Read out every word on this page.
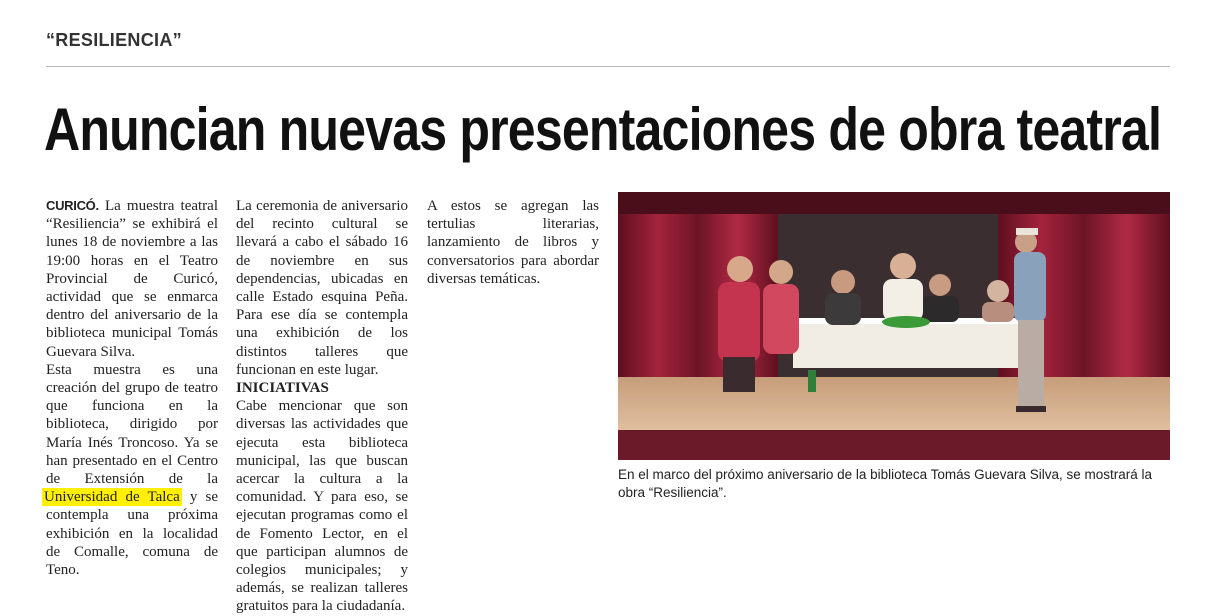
“RESILIENCIA”
Anuncian nuevas presentaciones de obra teatral

CURICÓ. La muestra teatral “Resiliencia” se exhibirá el lunes 18 de noviembre a las 19:00 horas en el Teatro Provincial de Curicó, actividad que se enmarca dentro del aniversario de la biblioteca municipal Tomás Guevara Silva.

Esta muestra es una creación del grupo de teatro que funciona en la biblioteca, dirigido por María Inés Troncoso. Ya se han presentado en el Centro de Extensión de la Universidad de Talca y se contempla una próxima exhibición en la localidad de Comalle, comuna de Teno.

La ceremonia de aniversario del recinto cultural se llevará a cabo el sábado 16 de noviembre en sus dependencias, ubicadas en calle Estado esquina Peña. Para ese día se contempla una exhibición de los distintos talleres que funcionan en este lugar.

INICIATIVAS

Cabe mencionar que son diversas las actividades que ejecuta esta biblioteca municipal, las que buscan acercar la cultura a la comunidad. Y para eso, se ejecutan programas como el de Fomento Lector, en el que participan alumnos de colegios municipales; y además, se realizan talleres gratuitos para la ciudadanía.

A estos se agregan las tertulias literarias, lanzamiento de libros y conversatorios para abordar diversas temáticas.

En el marco del próximo aniversario de la biblioteca Tomás Guevara Silva, se mostrará la obra “Resiliencia”.
